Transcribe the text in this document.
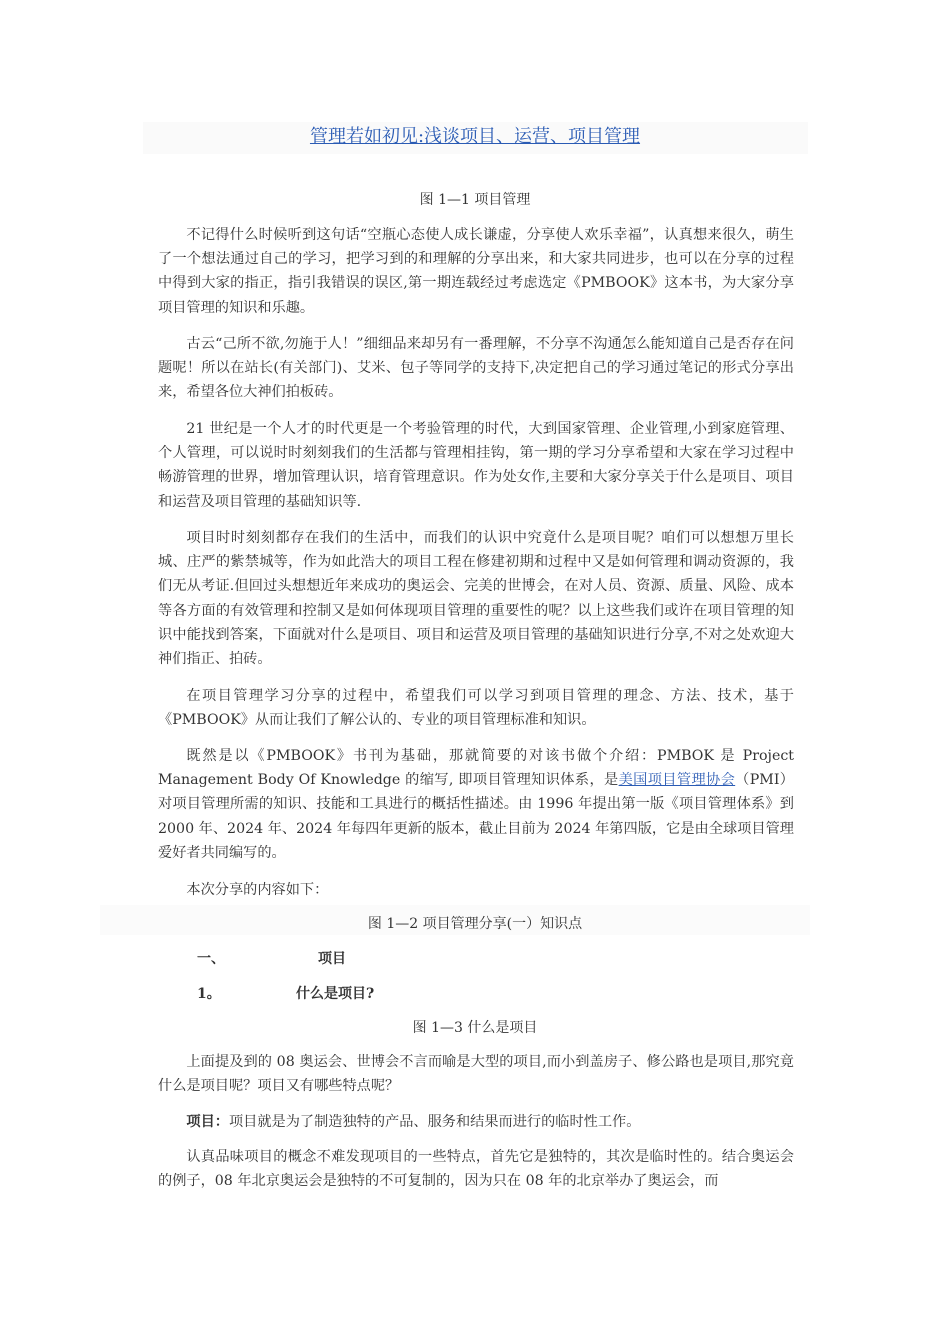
管理若如初见:浅谈项目、运营、项目管理
图 1—1 项目管理

不记得什么时候听到这句话“空瓶心态使人成长谦虚，分享使人欢乐幸福”，认真想来很久，萌生了一个想法通过自己的学习，把学习到的和理解的分享出来，和大家共同进步，也可以在分享的过程中得到大家的指正，指引我错误的误区,第一期连载经过考虑选定《PMBOOK》这本书，为大家分享项目管理的知识和乐趣。

古云“己所不欲,勿施于人！”细细品来却另有一番理解，不分享不沟通怎么能知道自己是否存在问题呢！所以在站长(有关部门)、艾米、包子等同学的支持下,决定把自己的学习通过笔记的形式分享出来，希望各位大神们拍板砖。

21 世纪是一个人才的时代更是一个考验管理的时代，大到国家管理、企业管理,小到家庭管理、个人管理，可以说时时刻刻我们的生活都与管理相挂钩，第一期的学习分享希望和大家在学习过程中畅游管理的世界，增加管理认识，培育管理意识。作为处女作,主要和大家分享关于什么是项目、项目和运营及项目管理的基础知识等.

项目时时刻刻都存在我们的生活中，而我们的认识中究竟什么是项目呢？咱们可以想想万里长城、庄严的紫禁城等，作为如此浩大的项目工程在修建初期和过程中又是如何管理和调动资源的，我们无从考证.但回过头想想近年来成功的奥运会、完美的世博会，在对人员、资源、质量、风险、成本等各方面的有效管理和控制又是如何体现项目管理的重要性的呢？以上这些我们或许在项目管理的知识中能找到答案，下面就对什么是项目、项目和运营及项目管理的基础知识进行分享,不对之处欢迎大神们指正、拍砖。

在项目管理学习分享的过程中，希望我们可以学习到项目管理的理念、方法、技术，基于《PMBOOK》从而让我们了解公认的、专业的项目管理标准和知识。

既然是以《PMBOOK》书刊为基础，那就简要的对该书做个介绍：PMBOK 是 Project Management Body Of Knowledge 的缩写, 即项目管理知识体系，是美国项目管理协会（PMI）对项目管理所需的知识、技能和工具进行的概括性描述。由 1996 年提出第一版《项目管理体系》到 2000 年、2024 年、2024 年每四年更新的版本，截止目前为 2024 年第四版，它是由全球项目管理爱好者共同编写的。

本次分享的内容如下：

图 1—2 项目管理分享(一）知识点
一、	项目
1。	什么是项目?
图 1—3 什么是项目

上面提及到的 08 奥运会、世博会不言而喻是大型的项目,而小到盖房子、修公路也是项目,那究竟什么是项目呢？项目又有哪些特点呢？

项目：项目就是为了制造独特的产品、服务和结果而进行的临时性工作。

认真品味项目的概念不难发现项目的一些特点，首先它是独特的，其次是临时性的。结合奥运会的例子，08 年北京奥运会是独特的不可复制的，因为只在 08 年的北京举办了奥运会，而
